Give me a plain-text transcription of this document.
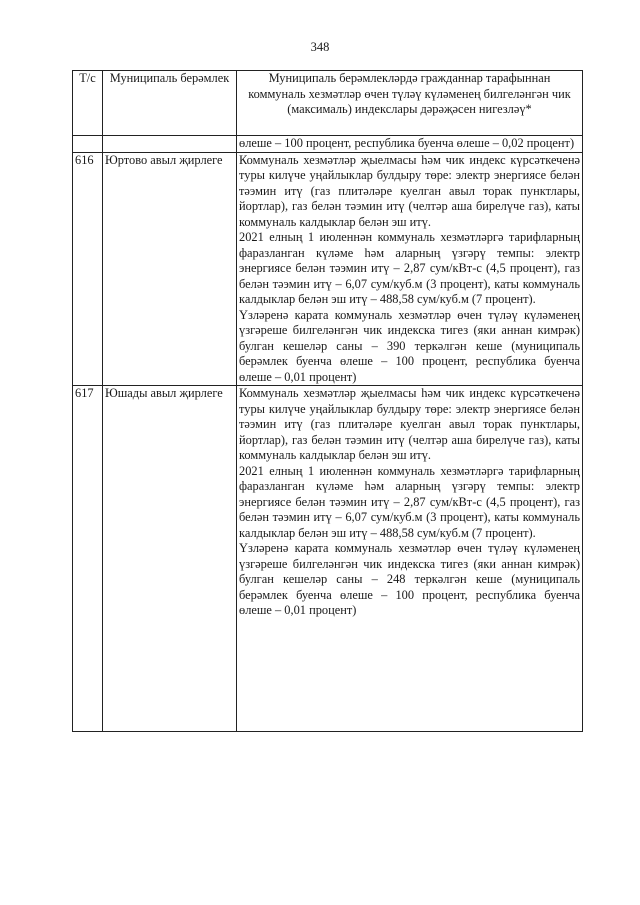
348
Т/с	Муниципаль берәмлек	Муниципаль берәмлекләрдә гражданнар тарафыннан коммуналь хезмәтләр өчен түләү күләменең билгеләнгән чик (максималь) индекслары дәрәҗәсен нигезләү*

		өлеше – 100 процент, республика буенча өлеше – 0,02 процент)

616	Юртово авыл җирлеге	Коммуналь хезмәтләр җыелмасы һәм чик индекс күрсәткеченә туры килүче уңайлыклар булдыру төре: электр энергиясе белән тәэмин итү (газ плитәләре куелган авыл торак пунктлары, йортлар), газ белән тәэмин итү (челтәр аша бирелүче газ), каты коммуналь калдыклар белән эш итү.

2021 елның 1 июленнән коммуналь хезмәтләргә тарифларның фаразланган күләме һәм аларның үзгәрү темпы: электр энергиясе белән тәэмин итү – 2,87 сум/кВт-с (4,5 процент), газ белән тәэмин итү – 6,07 сум/куб.м (3 процент), каты коммуналь калдыклар белән эш итү – 488,58 сум/куб.м (7 процент).

Үзләренә карата коммуналь хезмәтләр өчен түләү күләменең үзгәреше билгеләнгән чик индекска тигез (яки аннан кимрәк) булган кешеләр саны – 390 теркәлгән кеше (муниципаль берәмлек буенча өлеше – 100 процент, республика буенча өлеше – 0,01 процент)

617	Юшады авыл җирлеге	Коммуналь хезмәтләр җыелмасы һәм чик индекс күрсәткеченә туры килүче уңайлыклар булдыру төре: электр энергиясе белән тәэмин итү (газ плитәләре куелган авыл торак пунктлары, йортлар), газ белән тәэмин итү (челтәр аша бирелүче газ), каты коммуналь калдыклар белән эш итү.

2021 елның 1 июленнән коммуналь хезмәтләргә тарифларның фаразланган күләме һәм аларның үзгәрү темпы: электр энергиясе белән тәэмин итү – 2,87 сум/кВт-с (4,5 процент), газ белән тәэмин итү – 6,07 сум/куб.м (3 процент), каты коммуналь калдыклар белән эш итү – 488,58 сум/куб.м (7 процент).

Үзләренә карата коммуналь хезмәтләр өчен түләү күләменең үзгәреше билгеләнгән чик индекска тигез (яки аннан кимрәк) булган кешеләр саны – 248 теркәлгән кеше (муниципаль берәмлек буенча өлеше – 100 процент, республика буенча өлеше – 0,01 процент)
